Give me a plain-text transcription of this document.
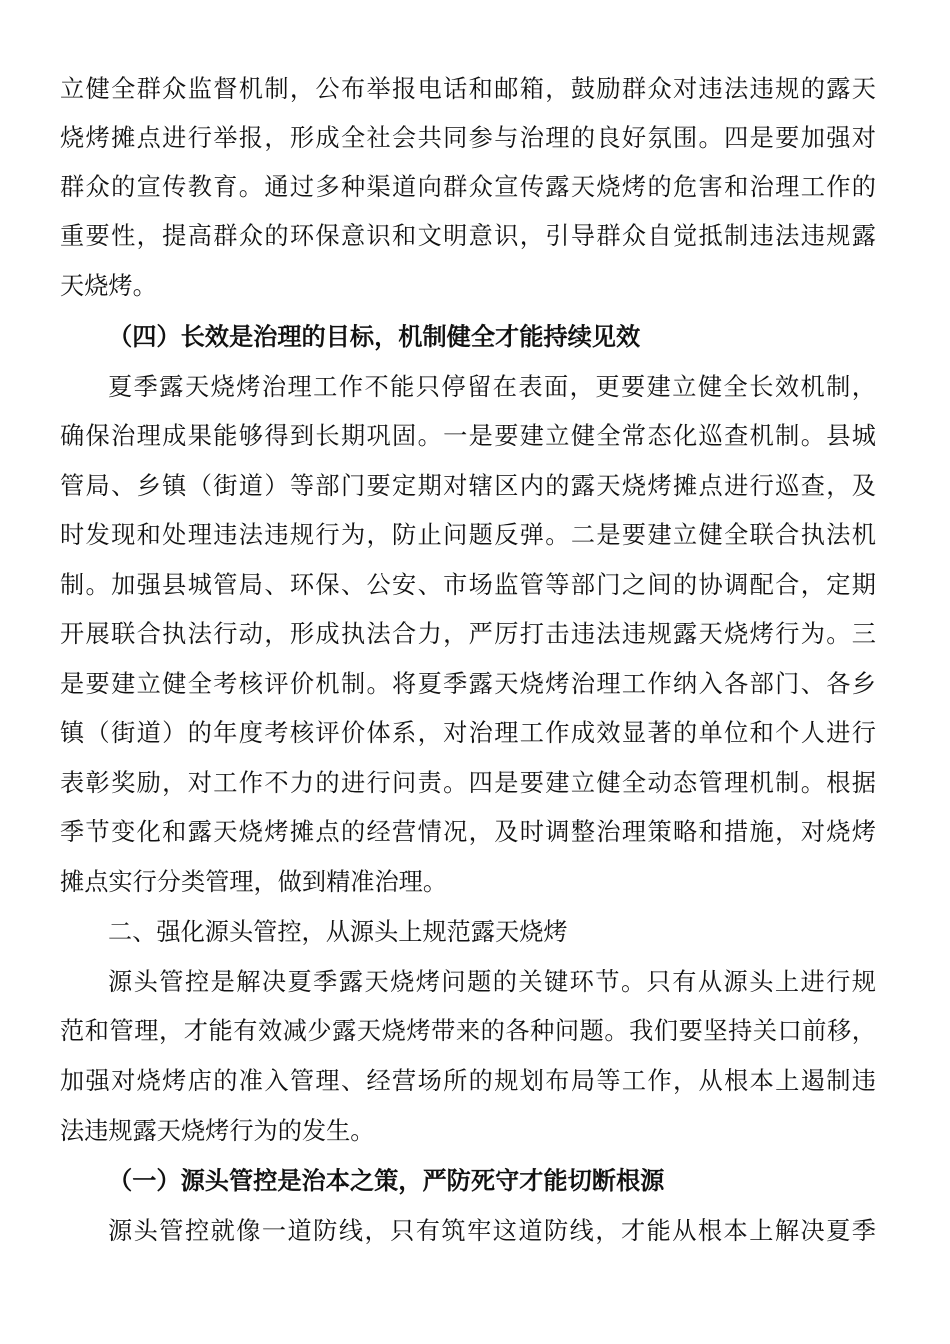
立健全群众监督机制，公布举报电话和邮箱，鼓励群众对违法违规的露天
烧烤摊点进行举报，形成全社会共同参与治理的良好氛围。四是要加强对
群众的宣传教育。通过多种渠道向群众宣传露天烧烤的危害和治理工作的
重要性，提高群众的环保意识和文明意识，引导群众自觉抵制违法违规露
天烧烤。
（四）长效是治理的目标，机制健全才能持续见效
夏季露天烧烤治理工作不能只停留在表面，更要建立健全长效机制，
确保治理成果能够得到长期巩固。一是要建立健全常态化巡查机制。县城
管局、乡镇（街道）等部门要定期对辖区内的露天烧烤摊点进行巡查，及
时发现和处理违法违规行为，防止问题反弹。二是要建立健全联合执法机
制。加强县城管局、环保、公安、市场监管等部门之间的协调配合，定期
开展联合执法行动，形成执法合力，严厉打击违法违规露天烧烤行为。三
是要建立健全考核评价机制。将夏季露天烧烤治理工作纳入各部门、各乡
镇（街道）的年度考核评价体系，对治理工作成效显著的单位和个人进行
表彰奖励，对工作不力的进行问责。四是要建立健全动态管理机制。根据
季节变化和露天烧烤摊点的经营情况，及时调整治理策略和措施，对烧烤
摊点实行分类管理，做到精准治理。
二、强化源头管控，从源头上规范露天烧烤
源头管控是解决夏季露天烧烤问题的关键环节。只有从源头上进行规
范和管理，才能有效减少露天烧烤带来的各种问题。我们要坚持关口前移，
加强对烧烤店的准入管理、经营场所的规划布局等工作，从根本上遏制违
法违规露天烧烤行为的发生。
（一）源头管控是治本之策，严防死守才能切断根源
源头管控就像一道防线，只有筑牢这道防线，才能从根本上解决夏季
